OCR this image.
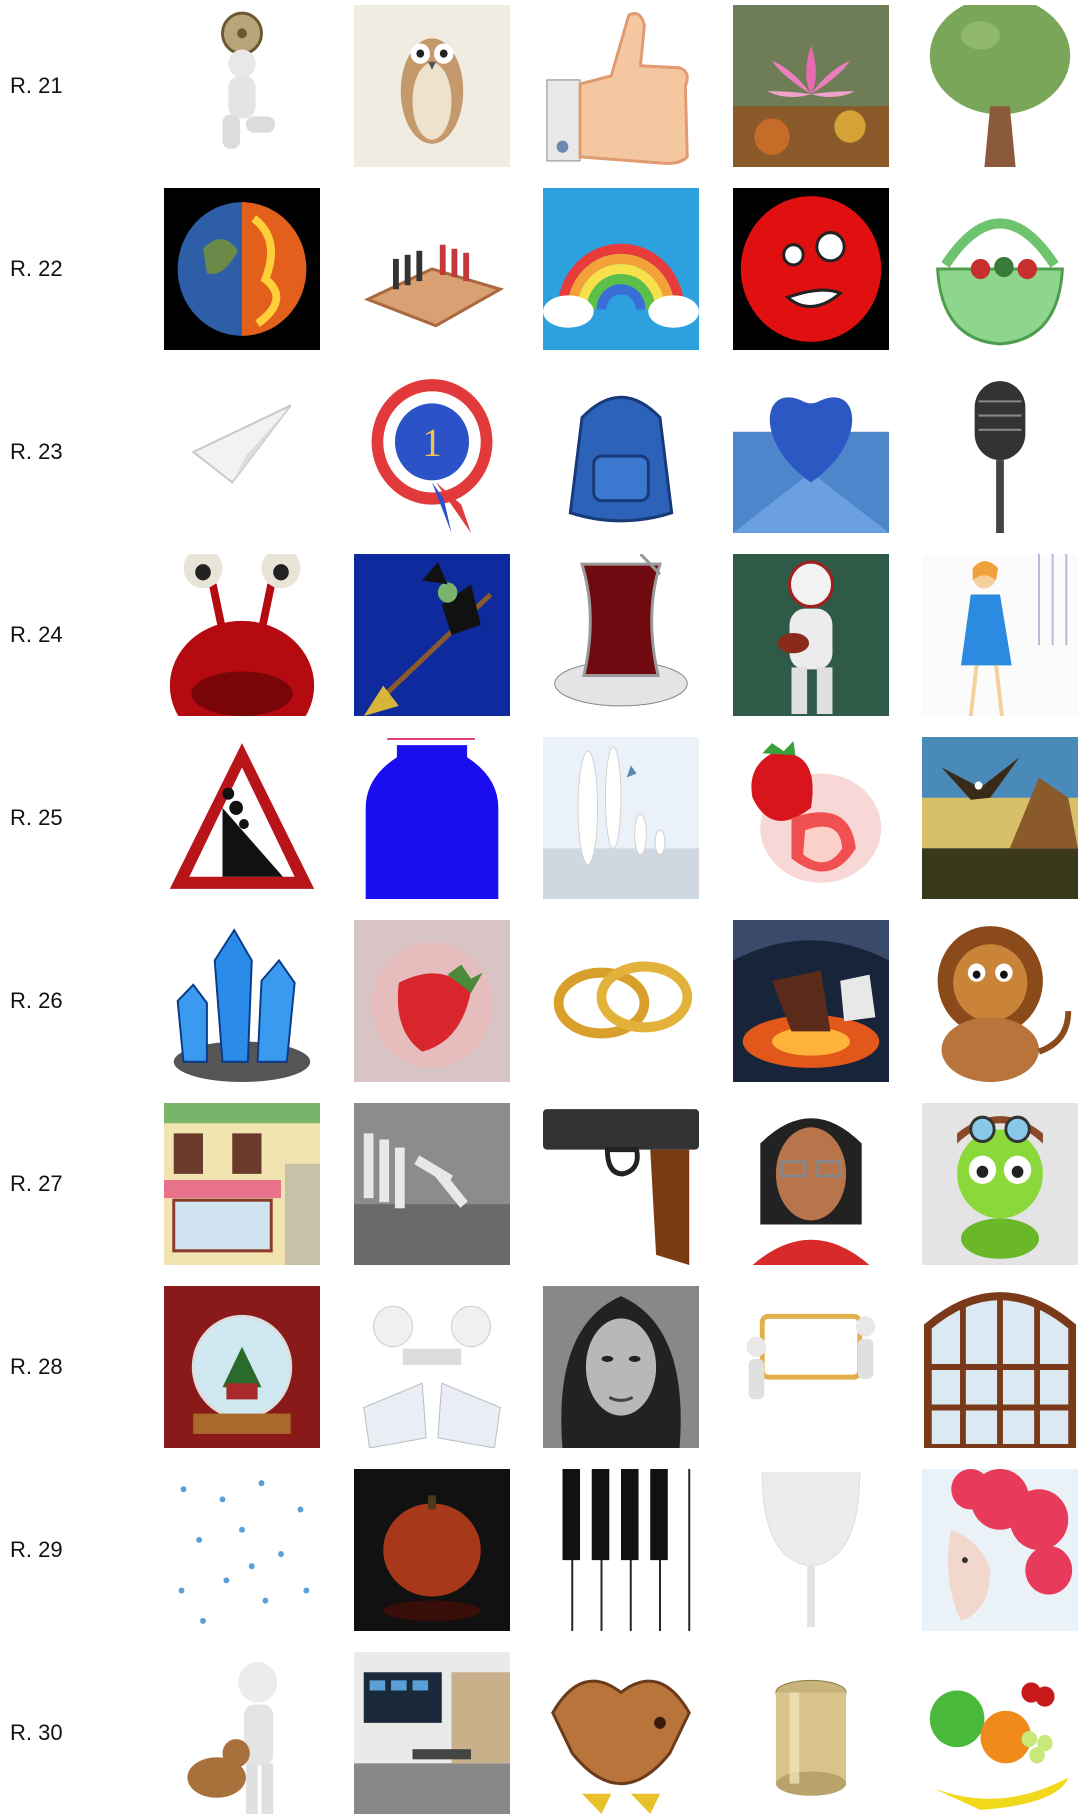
R. 21
R. 22
R. 23	1
R. 24
R. 25
R. 26
R. 27
R. 28
R. 29
R. 30
